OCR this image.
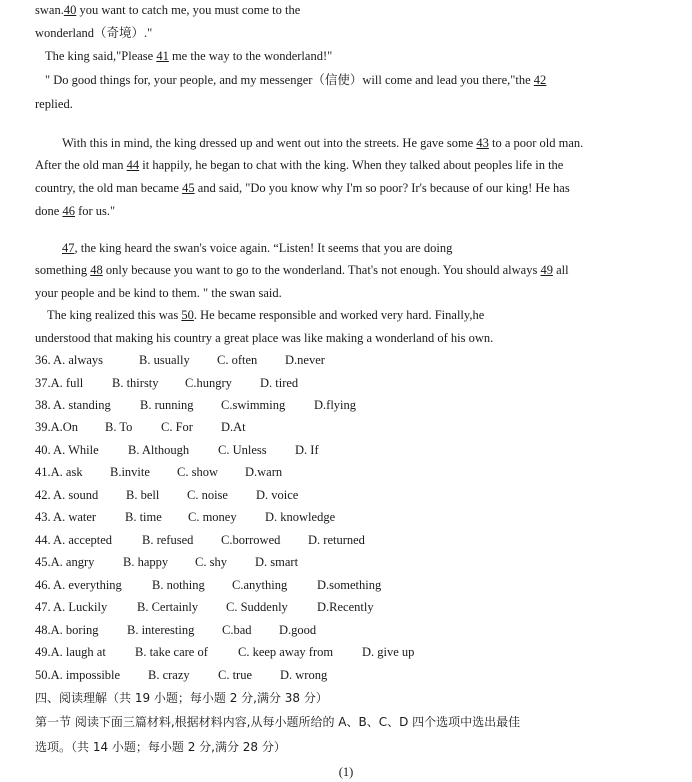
swan.40 you want to catch me, you must come to the
wonderland（奇境）."
The king said,"Please 41 me the way to the wonderland!"
" Do good things for, your people, and my messenger（信使）will come and lead you there,"the 42
replied.
With this in mind, the king dressed up and went out into the streets. He gave some 43 to a poor old man.
After the old man 44 it happily, he began to chat with the king. When they talked about peoples life in the
country, the old man became 45 and said, "Do you know why I'm so poor? Ir's because of our king! He has
done 46 for us."
47, the king heard the swan's voice again. “Listen! It seems that you are doing
something 48 only because you want to go to the wonderland. That's not enough. You should always 49 all
your people and be kind to them. " the swan said.
The king realized this was 50. He became responsible and worked very hard. Finally,he
understood that making his country a great place was like making a wonderland of his own.
36. A. always	B. usually C. often D.never
37.A. full B. thirsty C.hungry D. tired
38. A. standing B. running C.swimming D.flying
39.A.On B. To C. For D.At
40. A. While B. Although C. Unless D. If
41.A. ask B.invite C. show D.warn
42. A. sound B. bell C. noise D. voice
43. A. water B. time C. money D. knowledge
44. A. accepted B. refused C.borrowed D. returned
45.A. angry B. happy C. shy D. smart
46. A. everything B. nothing C.anything D.something
47. A. Luckily B. Certainly C. Suddenly D.Recently
48.A. boring B. interesting C.bad D.good
49.A. laugh at B. take care of C. keep away from D. give up
50.A. impossible B. crazy C. true D. wrong
四、阅读理解（共 19 小题；每小题 2 分,满分 38 分）
第一节 阅读下面三篇材料,根据材料内容,从每小题所给的 A、B、C、D 四个选项中选出最佳
选项。（共 14 小题；每小题 2 分,满分 28 分）
(1)
